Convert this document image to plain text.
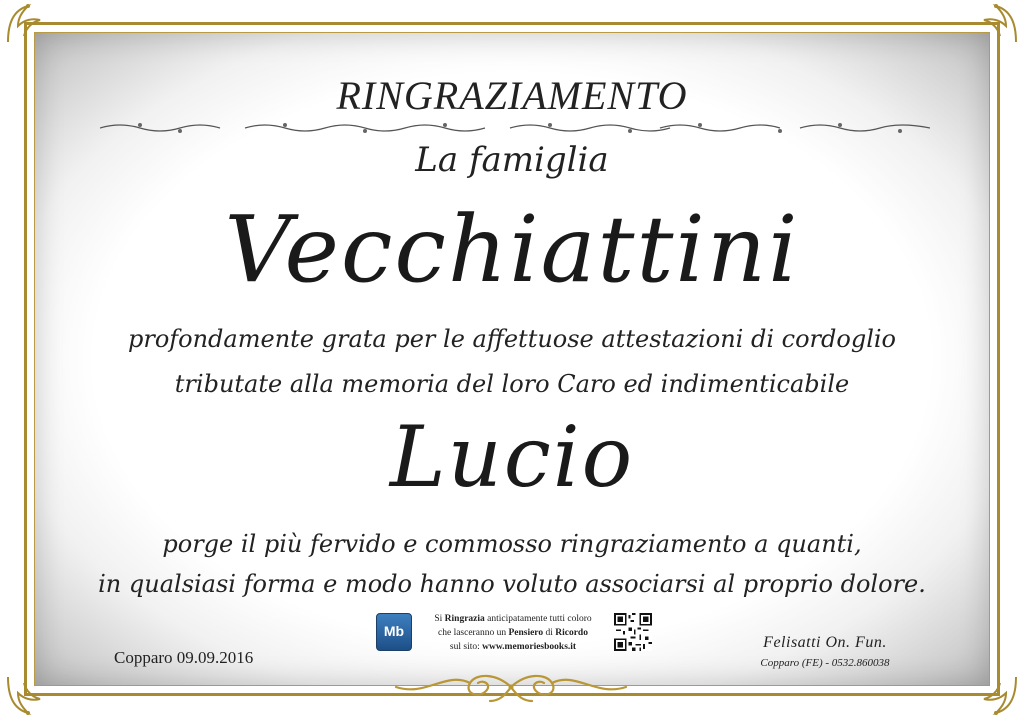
RINGRAZIAMENTO
La famiglia
Vecchiattini
profondamente grata per le affettuose attestazioni di cordoglio
tributate alla memoria del loro Caro ed indimenticabile
Lucio
porge il più fervido e commosso ringraziamento a quanti,
in qualsiasi forma e modo hanno voluto associarsi al proprio dolore.
Copparo 09.09.2016
Mb
Si Ringrazia anticipatamente tutti coloro
che lasceranno un Pensiero di Ricordo
sul sito: www.memoriesbooks.it	Felisatti On. Fun.
Copparo (FE) - 0532.860038
